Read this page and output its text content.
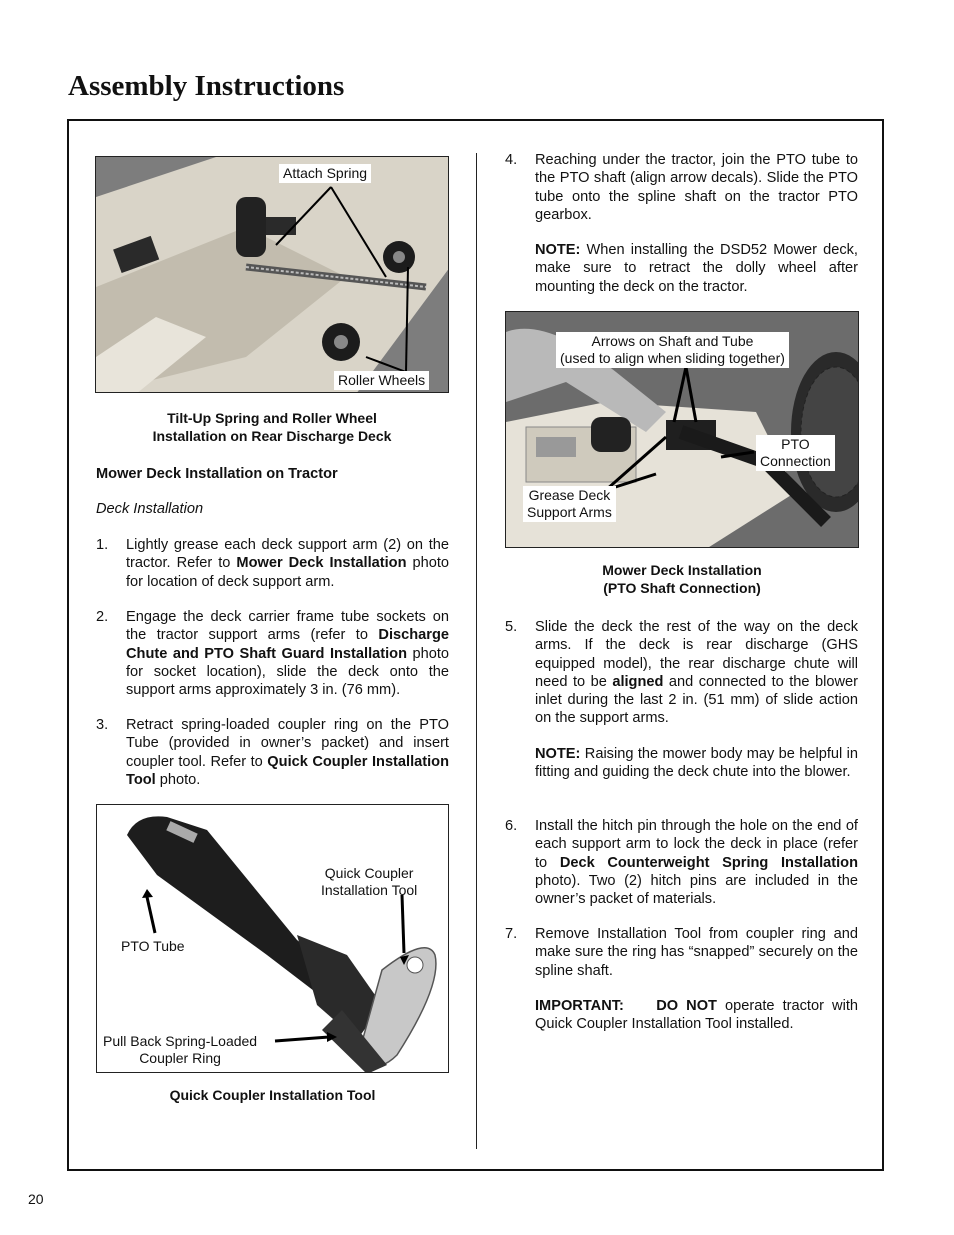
Assembly Instructions
Attach Spring
Roller Wheels
Tilt-Up Spring and Roller Wheel
Installation on Rear Discharge Deck
Mower Deck Installation on Tractor
Deck Installation
1. Lightly grease each deck support arm (2) on the tractor. Refer to Mower Deck Installation photo for location of deck support arm.
2. Engage the deck carrier frame tube sockets on the tractor support arms (refer to Discharge Chute and PTO Shaft Guard Installation photo for socket location), slide the deck onto the support arms approximately 3 in. (76 mm).
3. Retract spring-loaded coupler ring on the PTO Tube (provided in owner’s packet) and insert coupler tool. Refer to Quick Coupler Installation Tool photo.
Quick Coupler
Installation Tool
PTO Tube
Pull Back Spring-Loaded
Coupler Ring
Quick Coupler Installation Tool
4. Reaching under the tractor, join the PTO tube to the PTO shaft (align arrow decals). Slide the PTO tube onto the spline shaft on the tractor PTO gearbox.
NOTE: When installing the DSD52 Mower deck, make sure to retract the dolly wheel after mounting the deck on the tractor.
Arrows on Shaft and Tube
(used to align when sliding together)
PTO
Connection
Grease Deck
Support Arms
Mower Deck Installation
(PTO Shaft Connection)
5. Slide the deck the rest of the way on the deck arms. If the deck is rear discharge (GHS equipped model), the rear discharge chute will need to be aligned and connected to the blower inlet during the last 2 in. (51 mm) of slide action on the support arms.
NOTE: Raising the mower body may be helpful in fitting and guiding the deck chute into the blower.
6. Install the hitch pin through the hole on the end of each support arm to lock the deck in place (refer to Deck Counterweight Spring Installation photo). Two (2) hitch pins are included in the owner’s packet of materials.
7. Remove Installation Tool from coupler ring and make sure the ring has “snapped” securely on the spline shaft.
IMPORTANT: DO NOT operate tractor with Quick Coupler Installation Tool installed.
20
